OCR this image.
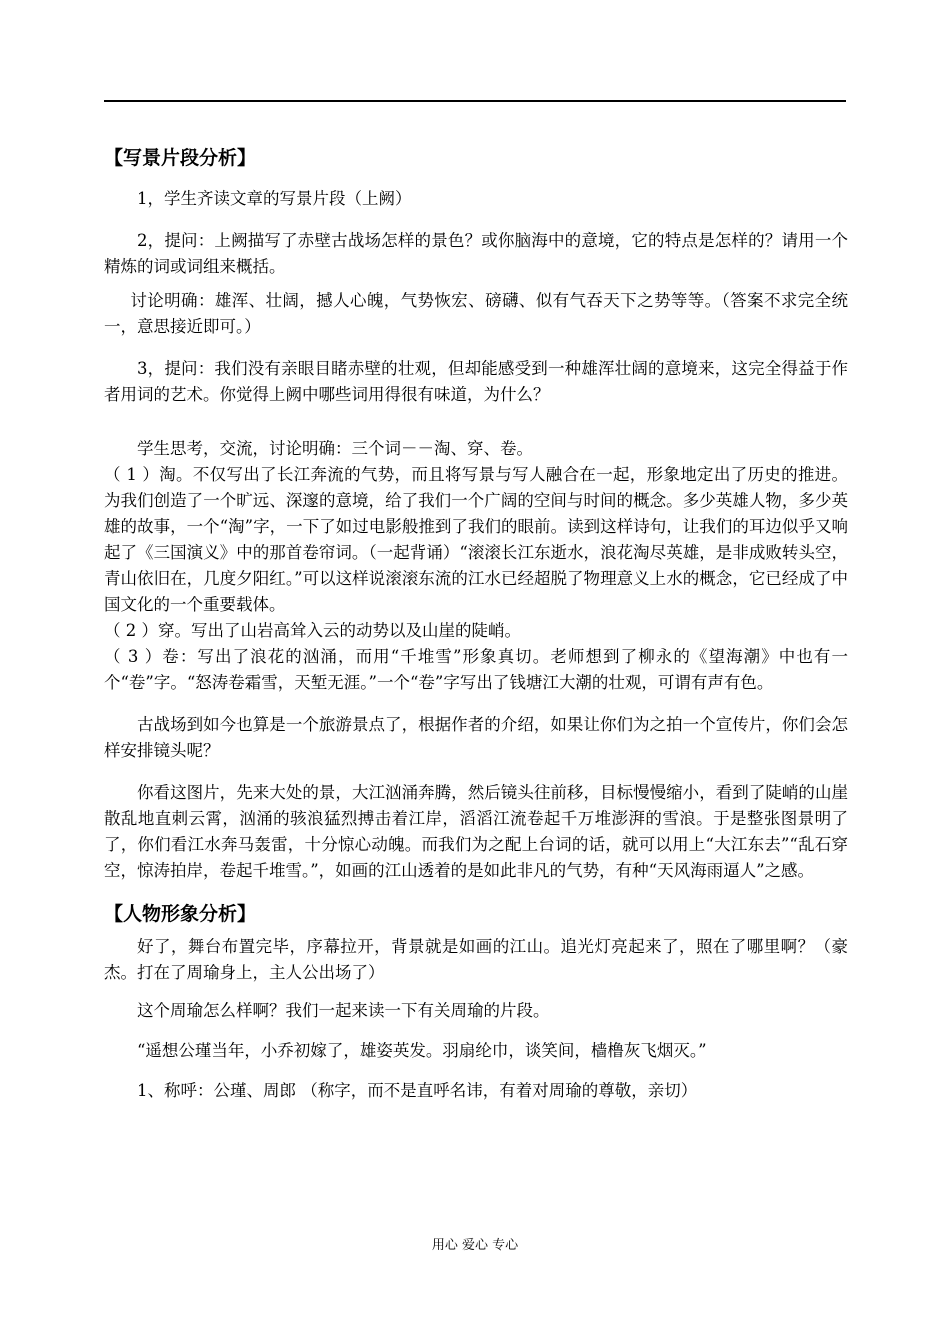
【写景片段分析】

1，学生齐读文章的写景片段（上阙）

2，提问：上阙描写了赤壁古战场怎样的景色？或你脑海中的意境，它的特点是怎样的？请用一个精炼的词或词组来概括。

讨论明确：雄浑、壮阔，撼人心魄，气势恢宏、磅礴、似有气吞天下之势等等。（答案不求完全统一，意思接近即可。）

3，提问：我们没有亲眼目睹赤壁的壮观，但却能感受到一种雄浑壮阔的意境来，这完全得益于作者用词的艺术。你觉得上阙中哪些词用得很有味道，为什么？

学生思考，交流，讨论明确：三个词－－淘、穿、卷。

（ 1 ）淘。不仅写出了长江奔流的气势，而且将写景与写人融合在一起，形象地定出了历史的推进。为我们创造了一个旷远、深邃的意境，给了我们一个广阔的空间与时间的概念。多少英雄人物，多少英雄的故事，一个“淘”字，一下了如过电影般推到了我们的眼前。读到这样诗句，让我们的耳边似乎又响起了《三国演义》中的那首卷帘词。（一起背诵）“滚滚长江东逝水，浪花淘尽英雄，是非成败转头空，青山依旧在，几度夕阳红。”可以这样说滚滚东流的江水已经超脱了物理意义上水的概念，它已经成了中国文化的一个重要载体。

（ 2 ）穿。写出了山岩高耸入云的动势以及山崖的陡峭。

（ 3 ）卷：写出了浪花的汹涌，而用“千堆雪”形象真切。老师想到了柳永的《望海潮》中也有一个“卷”字。“怒涛卷霜雪，天堑无涯。”一个“卷”字写出了钱塘江大潮的壮观，可谓有声有色。

古战场到如今也算是一个旅游景点了，根据作者的介绍，如果让你们为之拍一个宣传片，你们会怎样安排镜头呢？

你看这图片，先来大处的景，大江汹涌奔腾，然后镜头往前移，目标慢慢缩小，看到了陡峭的山崖散乱地直刺云霄，汹涌的骇浪猛烈搏击着江岸，滔滔江流卷起千万堆澎湃的雪浪。于是整张图景明了了，你们看江水奔马轰雷，十分惊心动魄。而我们为之配上台词的话，就可以用上“大江东去”“乱石穿空，惊涛拍岸，卷起千堆雪。”，如画的江山透着的是如此非凡的气势，有种“天风海雨逼人”之感。

【人物形象分析】

好了，舞台布置完毕，序幕拉开，背景就是如画的江山。追光灯亮起来了，照在了哪里啊？（豪杰。打在了周瑜身上，主人公出场了）

这个周瑜怎么样啊？我们一起来读一下有关周瑜的片段。

“遥想公瑾当年，小乔初嫁了，雄姿英发。羽扇纶巾，谈笑间，樯橹灰飞烟灭。”

1、称呼：公瑾、周郎 （称字，而不是直呼名讳，有着对周瑜的尊敬，亲切）

用心 爱心 专心
